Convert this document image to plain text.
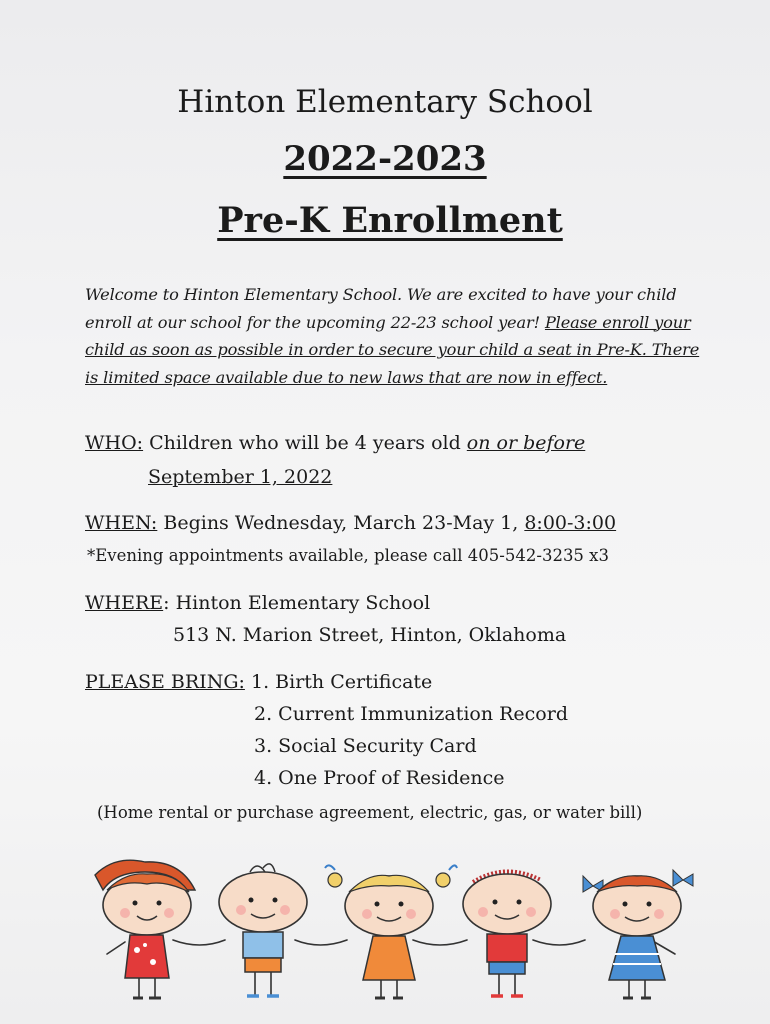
Hinton Elementary School
2022-2023
Pre-K Enrollment
Welcome to Hinton Elementary School. We are excited to have your child enroll at our school for the upcoming 22-23 school year! Please enroll your child as soon as possible in order to secure your child a seat in Pre-K. There is limited space available due to new laws that are now in effect.
WHO: Children who will be 4 years old on or before
September 1, 2022
WHEN: Begins Wednesday, March 23-May 1, 8:00-3:00
*Evening appointments available, please call 405-542-3235 x3
WHERE: Hinton Elementary School
513 N. Marion Street, Hinton, Oklahoma
PLEASE BRING: 1. Birth Certificate
2. Current Immunization Record
3. Social Security Card
4. One Proof of Residence
(Home rental or purchase agreement, electric, gas, or water bill)
